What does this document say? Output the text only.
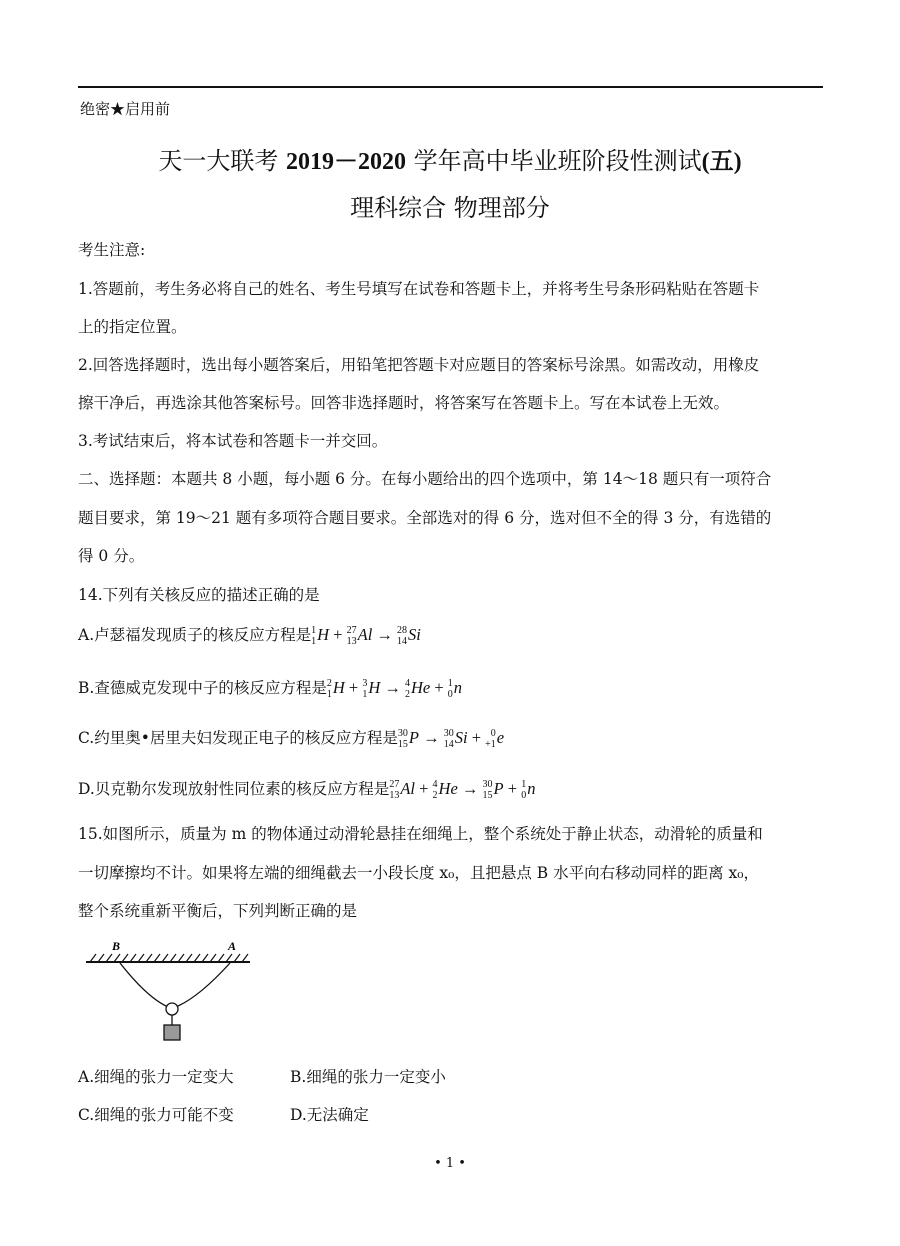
绝密★启用前
天一大联考 2019－2020 学年高中毕业班阶段性测试(五)
理科综合 物理部分
考生注意:
1.答题前，考生务必将自己的姓名、考生号填写在试卷和答题卡上，并将考生号条形码粘贴在答题卡
上的指定位置。
2.回答选择题时，选出每小题答案后，用铅笔把答题卡对应题目的答案标号涂黑。如需改动，用橡皮
擦干净后，再选涂其他答案标号。回答非选择题时，将答案写在答题卡上。写在本试卷上无效。
3.考试结束后，将本试卷和答题卡一并交回。
二、选择题：本题共 8 小题，每小题 6 分。在每小题给出的四个选项中，第 14～18 题只有一项符合
题目要求，第 19～21 题有多项符合题目要求。全部选对的得 6 分，选对但不全的得 3 分，有选错的
得 0 分。
14.下列有关核反应的描述正确的是
A.卢瑟福发现质子的核反应方程是 1
1 H + 27
13 Al → 28
14 Si
B.查德威克发现中子的核反应方程是 2
1 H + 3
1 H → 4
2 He + 1
0 n
C.约里奥•居里夫妇发现正电子的核反应方程是 30
15 P → 30
14 Si + 0
+1 e
D.贝克勒尔发现放射性同位素的核反应方程是 27
13 Al + 4
2 He → 30
15 P + 1
0 n
15.如图所示，质量为 m 的物体通过动滑轮悬挂在细绳上，整个系统处于静止状态，动滑轮的质量和
一切摩擦均不计。如果将左端的细绳截去一小段长度 x₀，且把悬点 B 水平向右移动同样的距离 x₀，
整个系统重新平衡后，下列判断正确的是
B	A
A.细绳的张力一定变大	B.细绳的张力一定变小
C.细绳的张力可能不变	D.无法确定
• 1 •
